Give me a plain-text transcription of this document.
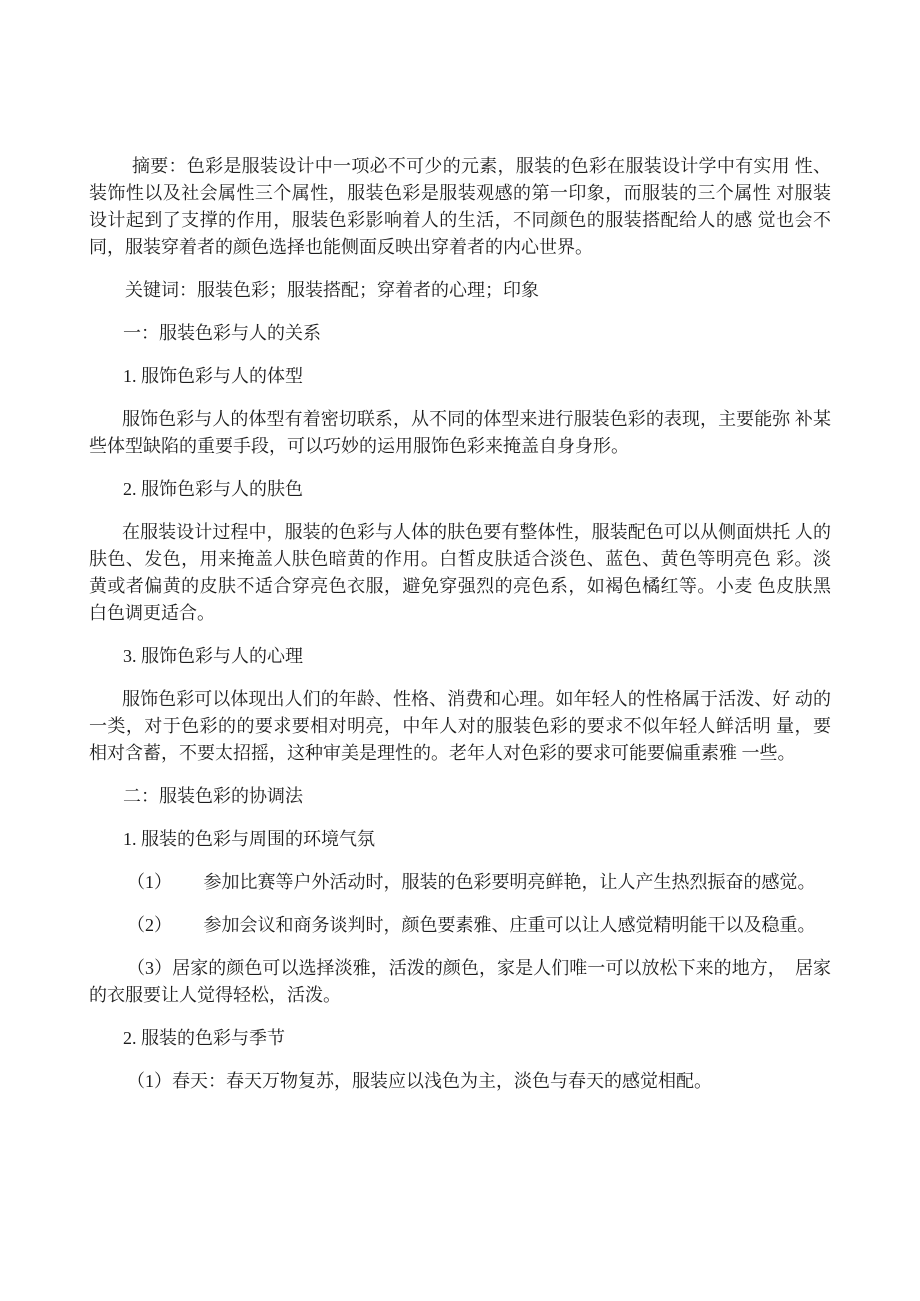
摘要：色彩是服装设计中一项必不可少的元素，服装的色彩在服装设计学中有实用 性、装饰性以及社会属性三个属性，服装色彩是服装观感的第一印象，而服装的三个属性 对服装设计起到了支撑的作用，服装色彩影响着人的生活，不同颜色的服装搭配给人的感 觉也会不同，服装穿着者的颜色选择也能侧面反映出穿着者的内心世界。

关键词：服装色彩；服装搭配；穿着者的心理；印象

一：服装色彩与人的关系

1. 服饰色彩与人的体型

服饰色彩与人的体型有着密切联系，从不同的体型来进行服装色彩的表现，主要能弥 补某些体型缺陷的重要手段，可以巧妙的运用服饰色彩来掩盖自身身形。

2. 服饰色彩与人的肤色

在服装设计过程中，服装的色彩与人体的肤色要有整体性，服装配色可以从侧面烘托 人的肤色、发色，用来掩盖人肤色暗黄的作用。白皙皮肤适合淡色、蓝色、黄色等明亮色 彩。淡黄或者偏黄的皮肤不适合穿亮色衣服，避免穿强烈的亮色系，如褐色橘红等。小麦 色皮肤黑白色调更适合。

3. 服饰色彩与人的心理

服饰色彩可以体现出人们的年龄、性格、消费和心理。如年轻人的性格属于活泼、好 动的一类，对于色彩的的要求要相对明亮，中年人对的服装色彩的要求不似年轻人鲜活明 量，要相对含蓄，不要太招摇，这种审美是理性的。老年人对色彩的要求可能要偏重素雅 一些。

二：服装色彩的协调法

1. 服装的色彩与周围的环境气氛

（1）       参加比赛等户外活动时，服装的色彩要明亮鲜艳，让人产生热烈振奋的感觉。

（2）       参加会议和商务谈判时，颜色要素雅、庄重可以让人感觉精明能干以及稳重。

（3）居家的颜色可以选择淡雅，活泼的颜色，家是人们唯一可以放松下来的地方，  居家的衣服要让人觉得轻松，活泼。

2. 服装的色彩与季节

（1）春天：春天万物复苏，服装应以浅色为主，淡色与春天的感觉相配。
